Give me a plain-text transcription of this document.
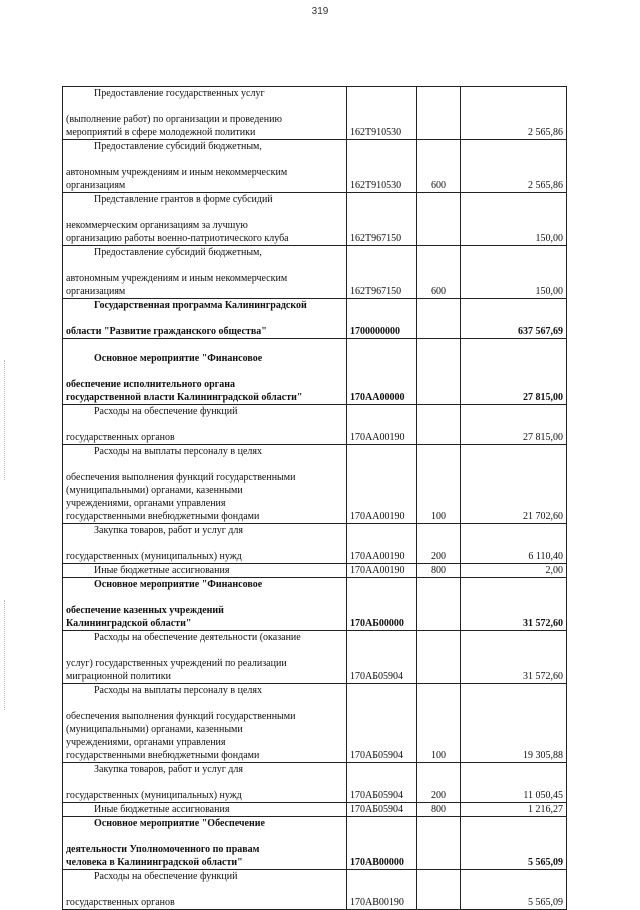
319
Предоставление государственных услуг

(выполнение работ) по организации и проведению
мероприятий в сфере молодежной политики	162Т910530		2 565,86

Предоставление субсидий бюджетным,

автономным учреждениям и иным некоммерческим
организациям	162Т910530	600	2 565,86

Представление грантов в форме субсидий

некоммерческим организациям за лучшую
организацию работы военно-патриотического клуба	162Т967150		150,00

Предоставление субсидий бюджетным,

автономным учреждениям и иным некоммерческим
организациям	162Т967150	600	150,00

Государственная программа Калининградской

области "Развитие гражданского общества"	1700000000		637 567,69

Основное мероприятие "Финансовое

обеспечение исполнительного органа
государственной власти Калининградской области"	170АА00000		27 815,00

Расходы на обеспечение функций

государственных органов	170АА00190		27 815,00

Расходы на выплаты персоналу в целях

обеспечения выполнения функций государственными
(муниципальными) органами, казенными
учреждениями, органами управления
государственными внебюджетными фондами	170АА00190	100	21 702,60

Закупка товаров, работ и услуг для

государственных (муниципальных) нужд	170АА00190	200	6 110,40

Иные бюджетные ассигнования	170АА00190	800	2,00

Основное мероприятие "Финансовое

обеспечение казенных учреждений
Калининградской области"	170АБ00000		31 572,60

Расходы на обеспечение деятельности (оказание

услуг) государственных учреждений по реализации
миграционной политики	170АБ05904		31 572,60

Расходы на выплаты персоналу в целях

обеспечения выполнения функций государственными
(муниципальными) органами, казенными
учреждениями, органами управления
государственными внебюджетными фондами	170АБ05904	100	19 305,88

Закупка товаров, работ и услуг для

государственных (муниципальных) нужд	170АБ05904	200	11 050,45

Иные бюджетные ассигнования	170АБ05904	800	1 216,27

Основное мероприятие "Обеспечение

деятельности Уполномоченного по правам
человека в Калининградской области"	170АВ00000		5 565,09

Расходы на обеспечение функций

государственных органов	170АВ00190		5 565,09
